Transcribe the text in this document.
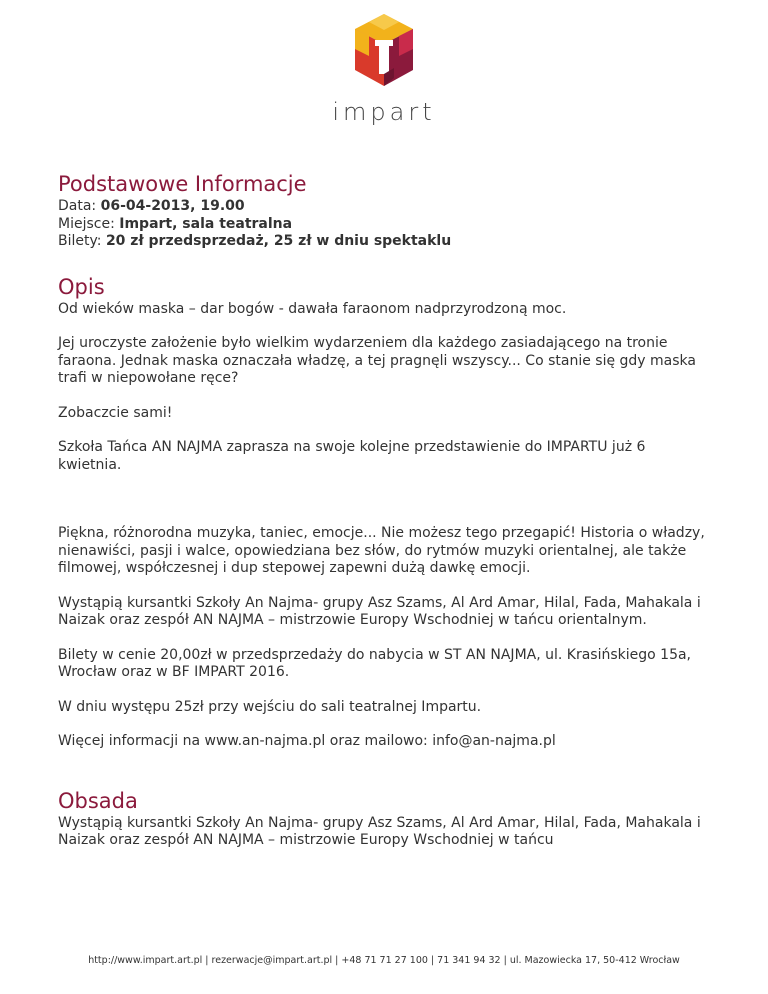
impart
Podstawowe Informacje
Data: 06-04-2013, 19.00
Miejsce: Impart, sala teatralna
Bilety: 20 zł przedsprzedaż, 25 zł w dniu spektaklu
Opis

Od wieków maska – dar bogów - dawała faraonom nadprzyrodzoną moc.

Jej uroczyste założenie było wielkim wydarzeniem dla każdego zasiadającego na tronie faraona. Jednak maska oznaczała władzę, a tej pragnęli wszyscy... Co stanie się gdy maska trafi w niepowołane ręce?

Zobaczcie sami!

Szkoła Tańca AN NAJMA zaprasza na swoje kolejne przedstawienie do IMPARTU już 6 kwietnia.

Piękna, różnorodna muzyka, taniec, emocje... Nie możesz tego przegapić! Historia o władzy, nienawiści, pasji i walce, opowiedziana bez słów, do rytmów muzyki orientalnej, ale także filmowej, współczesnej i dup stepowej zapewni dużą dawkę emocji.

Wystąpią kursantki Szkoły An Najma- grupy Asz Szams, Al Ard Amar, Hilal, Fada, Mahakala i Naizak oraz zespół AN NAJMA – mistrzowie Europy Wschodniej w tańcu orientalnym.

Bilety w cenie 20,00zł w przedsprzedaży do nabycia w ST AN NAJMA, ul. Krasińskiego 15a, Wrocław oraz w BF IMPART 2016.

W dniu występu 25zł przy wejściu do sali teatralnej Impartu.

Więcej informacji na www.an-najma.pl oraz mailowo: info@an-najma.pl

Obsada

Wystąpią kursantki Szkoły An Najma- grupy Asz Szams, Al Ard Amar, Hilal, Fada, Mahakala i Naizak oraz zespół AN NAJMA – mistrzowie Europy Wschodniej w tańcu

http://www.impart.art.pl | rezerwacje@impart.art.pl | +48 71 71 27 100 | 71 341 94 32 | ul. Mazowiecka 17, 50-412 Wrocław
